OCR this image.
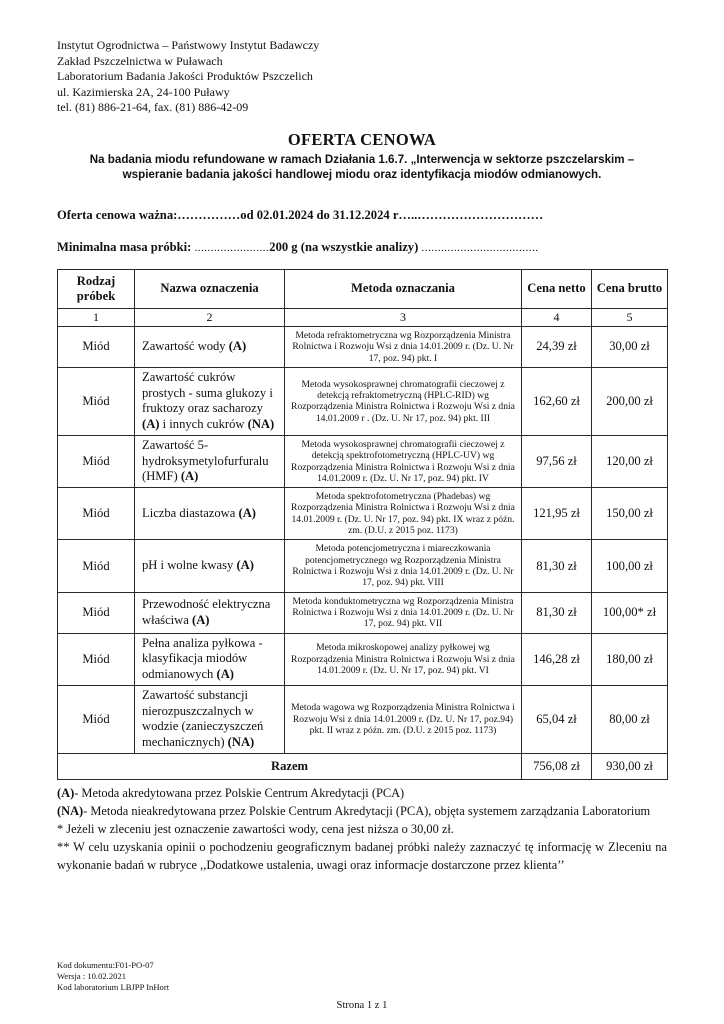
Instytut Ogrodnictwa – Państwowy Instytut Badawczy
Zakład Pszczelnictwa w Puławach
Laboratorium Badania Jakości Produktów Pszczelich
ul. Kazimierska 2A, 24-100 Puławy
tel. (81) 886-21-64, fax. (81) 886-42-09
OFERTA CENOWA
Na badania miodu refundowane w ramach Działania 1.6.7. „Interwencja w sektorze pszczelarskim – wspieranie badania jakości handlowej miodu oraz identyfikacja miodów odmianowych.

Oferta cenowa ważna:……………od 02.01.2024 do 31.12.2024 r…..…………………………

Minimalna masa próbki: .......................200 g (na wszystkie analizy) ....................................

Rodzaj próbek	Nazwa oznaczenia	Metoda oznaczania	Cena netto	Cena brutto
1	2	3	4	5
Miód	Zawartość wody (A)	Metoda refraktometryczna wg Rozporządzenia Ministra Rolnictwa i Rozwoju Wsi z dnia 14.01.2009 r. (Dz. U. Nr 17, poz. 94) pkt. I	24,39 zł	30,00 zł
Miód	Zawartość cukrów prostych - suma glukozy i fruktozy oraz sacharozy (A) i innych cukrów (NA)	Metoda wysokosprawnej chromatografii cieczowej z detekcją refraktometryczną (HPLC-RID) wg Rozporządzenia Ministra Rolnictwa i Rozwoju Wsi z dnia 14.01.2009 r . (Dz. U. Nr 17, poz. 94) pkt. III	162,60 zł	200,00 zł
Miód	Zawartość 5-hydroksymetylofurfuralu (HMF) (A)	Metoda wysokosprawnej chromatografii cieczowej z detekcją spektrofotometryczną (HPLC-UV) wg Rozporządzenia Ministra Rolnictwa i Rozwoju Wsi z dnia 14.01.2009 r. (Dz. U. Nr 17, poz. 94) pkt. IV	97,56 zł	120,00 zł
Miód	Liczba diastazowa (A)	Metoda spektrofotometryczna (Phadebas) wg Rozporządzenia Ministra Rolnictwa i Rozwoju Wsi z dnia 14.01.2009 r. (Dz. U. Nr 17, poz. 94) pkt. IX wraz z późn. zm. (D.U. z 2015 poz. 1173)	121,95 zł	150,00 zł
Miód	pH i wolne kwasy (A)	Metoda potencjometryczna i miareczkowania potencjometrycznego wg Rozporządzenia Ministra Rolnictwa i Rozwoju Wsi z dnia 14.01.2009 r. (Dz. U. Nr 17, poz. 94) pkt. VIII	81,30 zł	100,00 zł
Miód	Przewodność elektryczna właściwa (A)	Metoda konduktometryczna wg Rozporządzenia Ministra Rolnictwa i Rozwoju Wsi z dnia 14.01.2009 r. (Dz. U. Nr 17, poz. 94) pkt. VII	81,30 zł	100,00* zł
Miód	Pełna analiza pyłkowa - klasyfikacja miodów odmianowych (A)	Metoda mikroskopowej analizy pyłkowej wg Rozporządzenia Ministra Rolnictwa i Rozwoju Wsi z dnia 14.01.2009 r. (Dz. U. Nr 17, poz. 94) pkt. VI	146,28 zł	180,00 zł
Miód	Zawartość substancji nierozpuszczalnych w wodzie (zanieczyszczeń mechanicznych) (NA)	Metoda wagowa wg Rozporządzenia Ministra Rolnictwa i Rozwoju Wsi z dnia 14.01.2009 r. (Dz. U. Nr 17, poz.94) pkt. II wraz z późn. zm. (D.U. z 2015 poz. 1173)	65,04 zł	80,00 zł
Razem			756,08 zł	930,00 zł

(A)- Metoda akredytowana przez Polskie Centrum Akredytacji (PCA)

(NA)- Metoda nieakredytowana przez Polskie Centrum Akredytacji (PCA), objęta systemem zarządzania Laboratorium

* Jeżeli w zleceniu jest oznaczenie zawartości wody, cena jest niższa o 30,00 zł.

** W celu uzyskania opinii o pochodzeniu geograficznym badanej próbki należy zaznaczyć tę informację w Zleceniu na wykonanie badań w rubryce ,,Dodatkowe ustalenia, uwagi oraz informacje dostarczone przez klienta’’

Kod dokumentu:F01-PO-07
Wersja : 10.02.2021
Kod laboratorium LBJPP InHort
Strona 1 z 1
